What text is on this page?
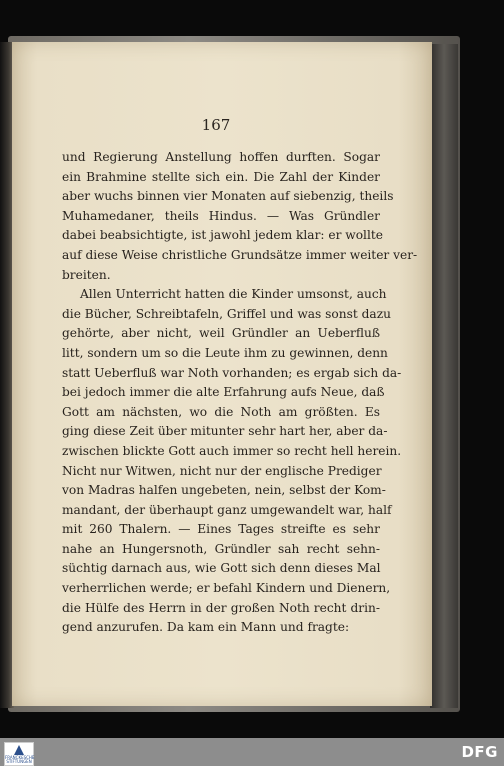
167
und Regierung Anstellung hoffen durften. Sogar
ein Brahmine stellte sich ein. Die Zahl der Kinder
aber wuchs binnen vier Monaten auf siebenzig, theils
Muhamedaner, theils Hindus. — Was Gründler
dabei beabsichtigte, ist jawohl jedem klar: er wollte
auf diese Weise christliche Grundsätze immer weiter ver-
breiten.
Allen Unterricht hatten die Kinder umsonst, auch
die Bücher, Schreibtafeln, Griffel und was sonst dazu
gehörte, aber nicht, weil Gründler an Ueberfluß
litt, sondern um so die Leute ihm zu gewinnen, denn
statt Ueberfluß war Noth vorhanden; es ergab sich da-
bei jedoch immer die alte Erfahrung aufs Neue, daß
Gott am nächsten, wo die Noth am größten. Es
ging diese Zeit über mitunter sehr hart her, aber da-
zwischen blickte Gott auch immer so recht hell herein.
Nicht nur Witwen, nicht nur der englische Prediger
von Madras halfen ungebeten, nein, selbst der Kom-
mandant, der überhaupt ganz umgewandelt war, half
mit 260 Thalern. — Eines Tages streifte es sehr
nahe an Hungersnoth, Gründler sah recht sehn-
süchtig darnach aus, wie Gott sich denn dieses Mal
verherrlichen werde; er befahl Kindern und Dienern,
die Hülfe des Herrn in der großen Noth recht drin-
gend anzurufen. Da kam ein Mann und fragte:
FRANCKESCHE STIFTUNGEN
DFG
